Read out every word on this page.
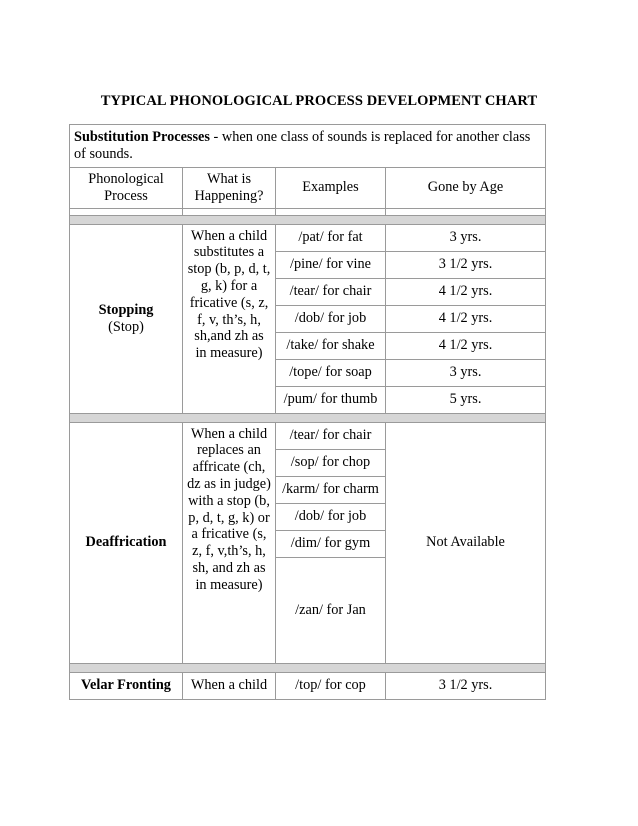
TYPICAL PHONOLOGICAL PROCESS DEVELOPMENT CHART
Substitution Processes - when one class of sounds is replaced for another class of sounds.			
Phonological Process	What is Happening?	Examples	Gone by Age

Stopping
(Stop)	When a child substitutes a stop (b, p, d, t, g, k) for a fricative (s, z, f, v, th’s, h, sh,and zh as in measure)	/pat/ for fat	3 yrs.
		/pine/ for vine	3 1/2 yrs.
		/tear/ for chair	4 1/2 yrs.
		/dob/ for job	4 1/2 yrs.
		/take/ for shake	4 1/2 yrs.
		/tope/ for soap	3 yrs.
		/pum/ for thumb	5 yrs.

Deaffrication	When a child replaces an affricate (ch, dz as in judge) with a stop (b, p, d, t, g, k) or a fricative (s, z, f, v,th’s, h, sh, and zh as in measure)	/tear/ for chair	Not Available
		/sop/ for chop	
		/karm/ for charm	
		/dob/ for job	
		/dim/ for gym	
		/zan/ for Jan	

Velar Fronting	When a child	/top/ for cop	3 1/2 yrs.
